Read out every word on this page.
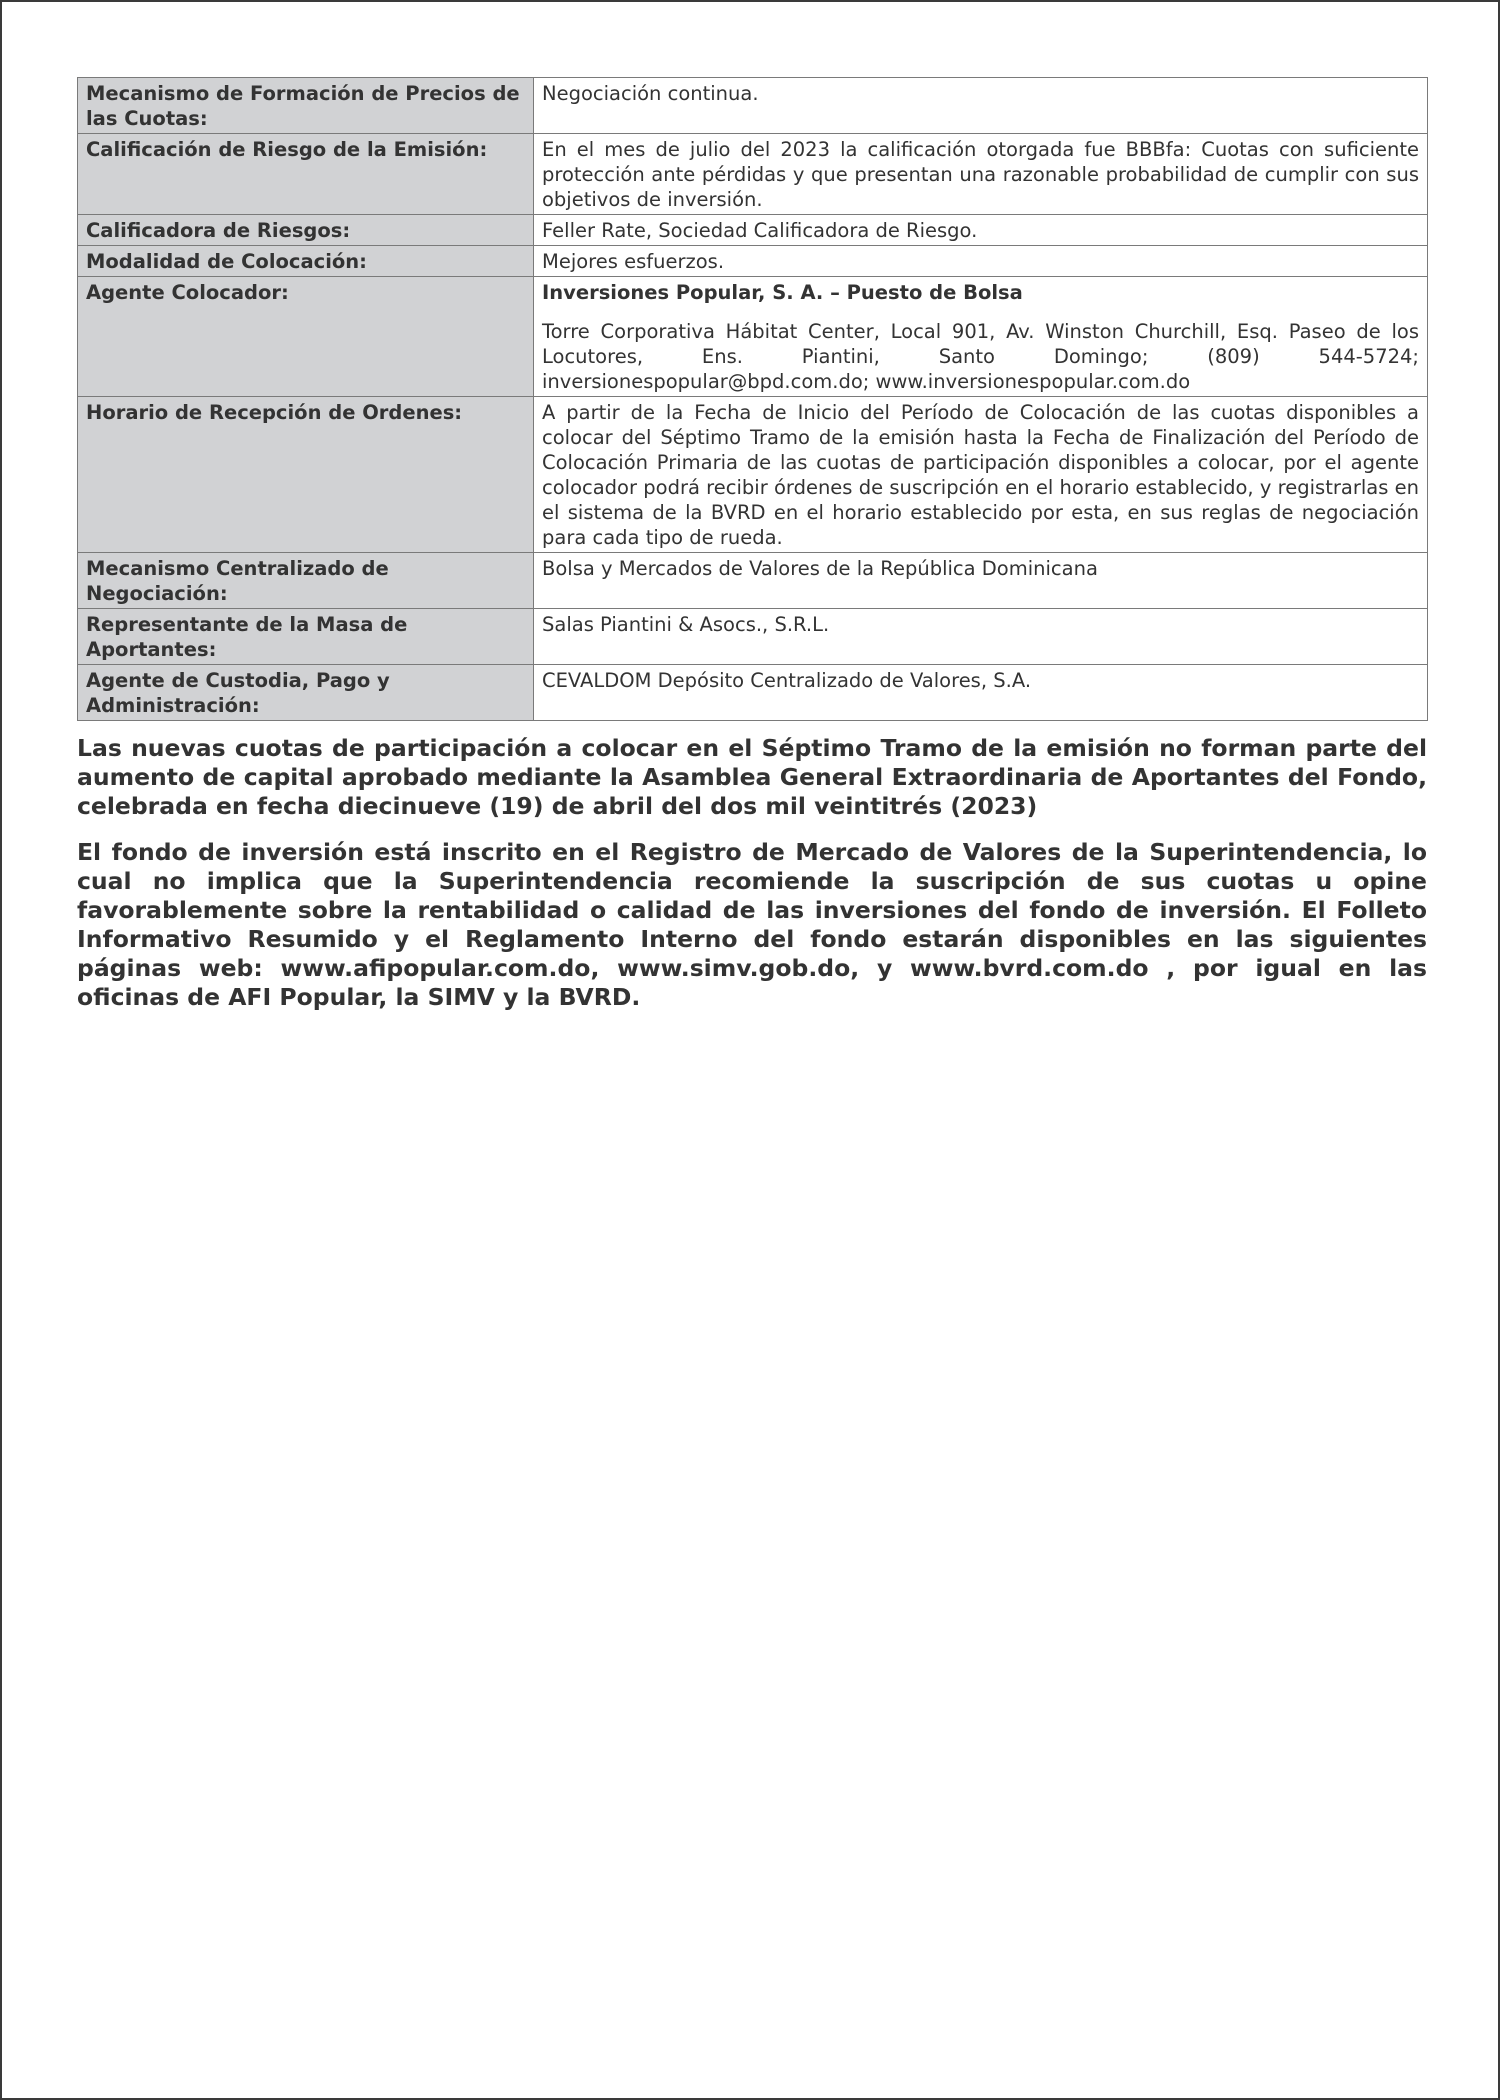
Mecanismo de Formación de Precios de las Cuotas:	Negociación continua.
Calificación de Riesgo de la Emisión:	En el mes de julio del 2023 la calificación otorgada fue BBBfa: Cuotas con suficiente protección ante pérdidas y que presentan una razonable probabilidad de cumplir con sus objetivos de inversión.
Calificadora de Riesgos:	Feller Rate, Sociedad Calificadora de Riesgo.
Modalidad de Colocación:	Mejores esfuerzos.
Agente Colocador:	Inversiones Popular, S. A. – Puesto de Bolsa
Torre Corporativa Hábitat Center, Local 901, Av. Winston Churchill, Esq. Paseo de los Locutores, Ens. Piantini, Santo Domingo; (809) 544-5724; inversionespopular@bpd.com.do; www.inversionespopular.com.do

Horario de Recepción de Ordenes:	A partir de la Fecha de Inicio del Período de Colocación de las cuotas disponibles a colocar del Séptimo Tramo de la emisión hasta la Fecha de Finalización del Período de Colocación Primaria de las cuotas de participación disponibles a colocar, por el agente colocador podrá recibir órdenes de suscripción en el horario establecido, y registrarlas en el sistema de la BVRD en el horario establecido por esta, en sus reglas de negociación para cada tipo de rueda.
Mecanismo Centralizado de Negociación:	Bolsa y Mercados de Valores de la República Dominicana
Representante de la Masa de Aportantes:	Salas Piantini & Asocs., S.R.L.
Agente de Custodia, Pago y Administración:	CEVALDOM Depósito Centralizado de Valores, S.A.

Las nuevas cuotas de participación a colocar en el Séptimo Tramo de la emisión no forman parte del aumento de capital aprobado mediante la Asamblea General Extraordinaria de Aportantes del Fondo, celebrada en fecha diecinueve (19) de abril del dos mil veintitrés (2023)

El fondo de inversión está inscrito en el Registro de Mercado de Valores de la Superintendencia, lo cual no implica que la Superintendencia recomiende la suscripción de sus cuotas u opine favorablemente sobre la rentabilidad o calidad de las inversiones del fondo de inversión. El Folleto Informativo Resumido y el Reglamento Interno del fondo estarán disponibles en las siguientes páginas web: www.afipopular.com.do, www.simv.gob.do, y www.bvrd.com.do , por igual en las oficinas de AFI Popular, la SIMV y la BVRD.
